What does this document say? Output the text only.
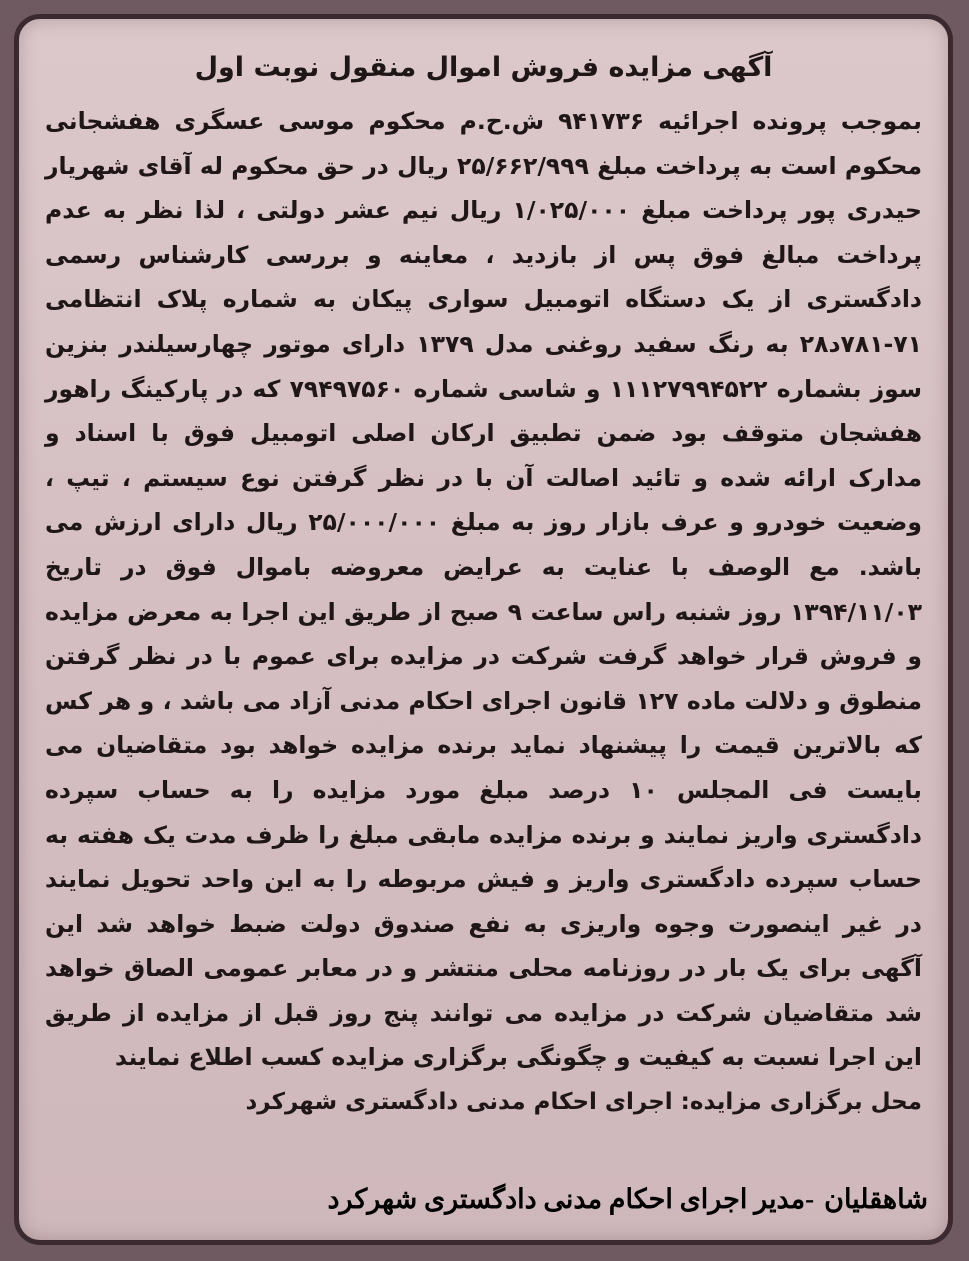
آگهی مزایده فروش اموال منقول نوبت اول

بموجب پرونده اجرائیه ۹۴۱۷۳۶ ش.ح.م محکوم موسی عسگری هفشجانی محکوم است به پرداخت مبلغ ۲۵/۶۶۲/۹۹۹ ریال در حق محکوم له آقای شهریار حیدری پور پرداخت مبلغ ۱/۰۲۵/۰۰۰ ریال نیم عشر دولتی ، لذا نظر به عدم پرداخت مبالغ فوق پس از بازدید ، معاینه و بررسی کارشناس رسمی دادگستری از یک دستگاه اتومبیل سواری پیکان به شماره پلاک انتظامی ۷۱-۷۸۱د۲۸ به رنگ سفید روغنی مدل ۱۳۷۹ دارای موتور چهارسیلندر بنزین سوز بشماره ۱۱۱۲۷۹۹۴۵۲۲ و شاسی شماره ۷۹۴۹۷۵۶۰ که در پارکینگ راهور هفشجان متوقف بود ضمن تطبیق ارکان اصلی اتومبیل فوق با اسناد و مدارک ارائه شده و تائید اصالت آن با در نظر گرفتن نوع سیستم ، تیپ ، وضعیت خودرو و عرف بازار روز به مبلغ ۲۵/۰۰۰/۰۰۰ ریال دارای ارزش می باشد. مع الوصف با عنایت به عرایض معروضه باموال فوق در تاریخ ۱۳۹۴/۱۱/۰۳ روز شنبه راس ساعت ۹ صبح از طریق این اجرا به معرض مزایده و فروش قرار خواهد گرفت شرکت در مزایده برای عموم با در نظر گرفتن منطوق و دلالت ماده ۱۲۷ قانون اجرای احکام مدنی آزاد می باشد ، و هر کس که بالاترین قیمت را پیشنهاد نماید برنده مزایده خواهد بود متقاضیان می بایست فی المجلس ۱۰ درصد مبلغ مورد مزایده را به حساب سپرده دادگستری واریز نمایند و برنده مزایده مابقی مبلغ را ظرف مدت یک هفته به حساب سپرده دادگستری واریز و فیش مربوطه را به این واحد تحویل نمایند در غیر اینصورت وجوه واریزی به نفع صندوق دولت ضبط خواهد شد این آگهی برای یک بار در روزنامه محلی منتشر و در معابر عمومی الصاق خواهد شد متقاضیان شرکت در مزایده می توانند پنج روز قبل از مزایده از طریق این اجرا نسبت به کیفیت و چگونگی برگزاری مزایده کسب اطلاع نمایند

محل برگزاری مزایده: اجرای احکام مدنی دادگستری شهرکرد
شاهقلیان-مدیر اجرای احکام مدنی دادگستری شهرکرد
